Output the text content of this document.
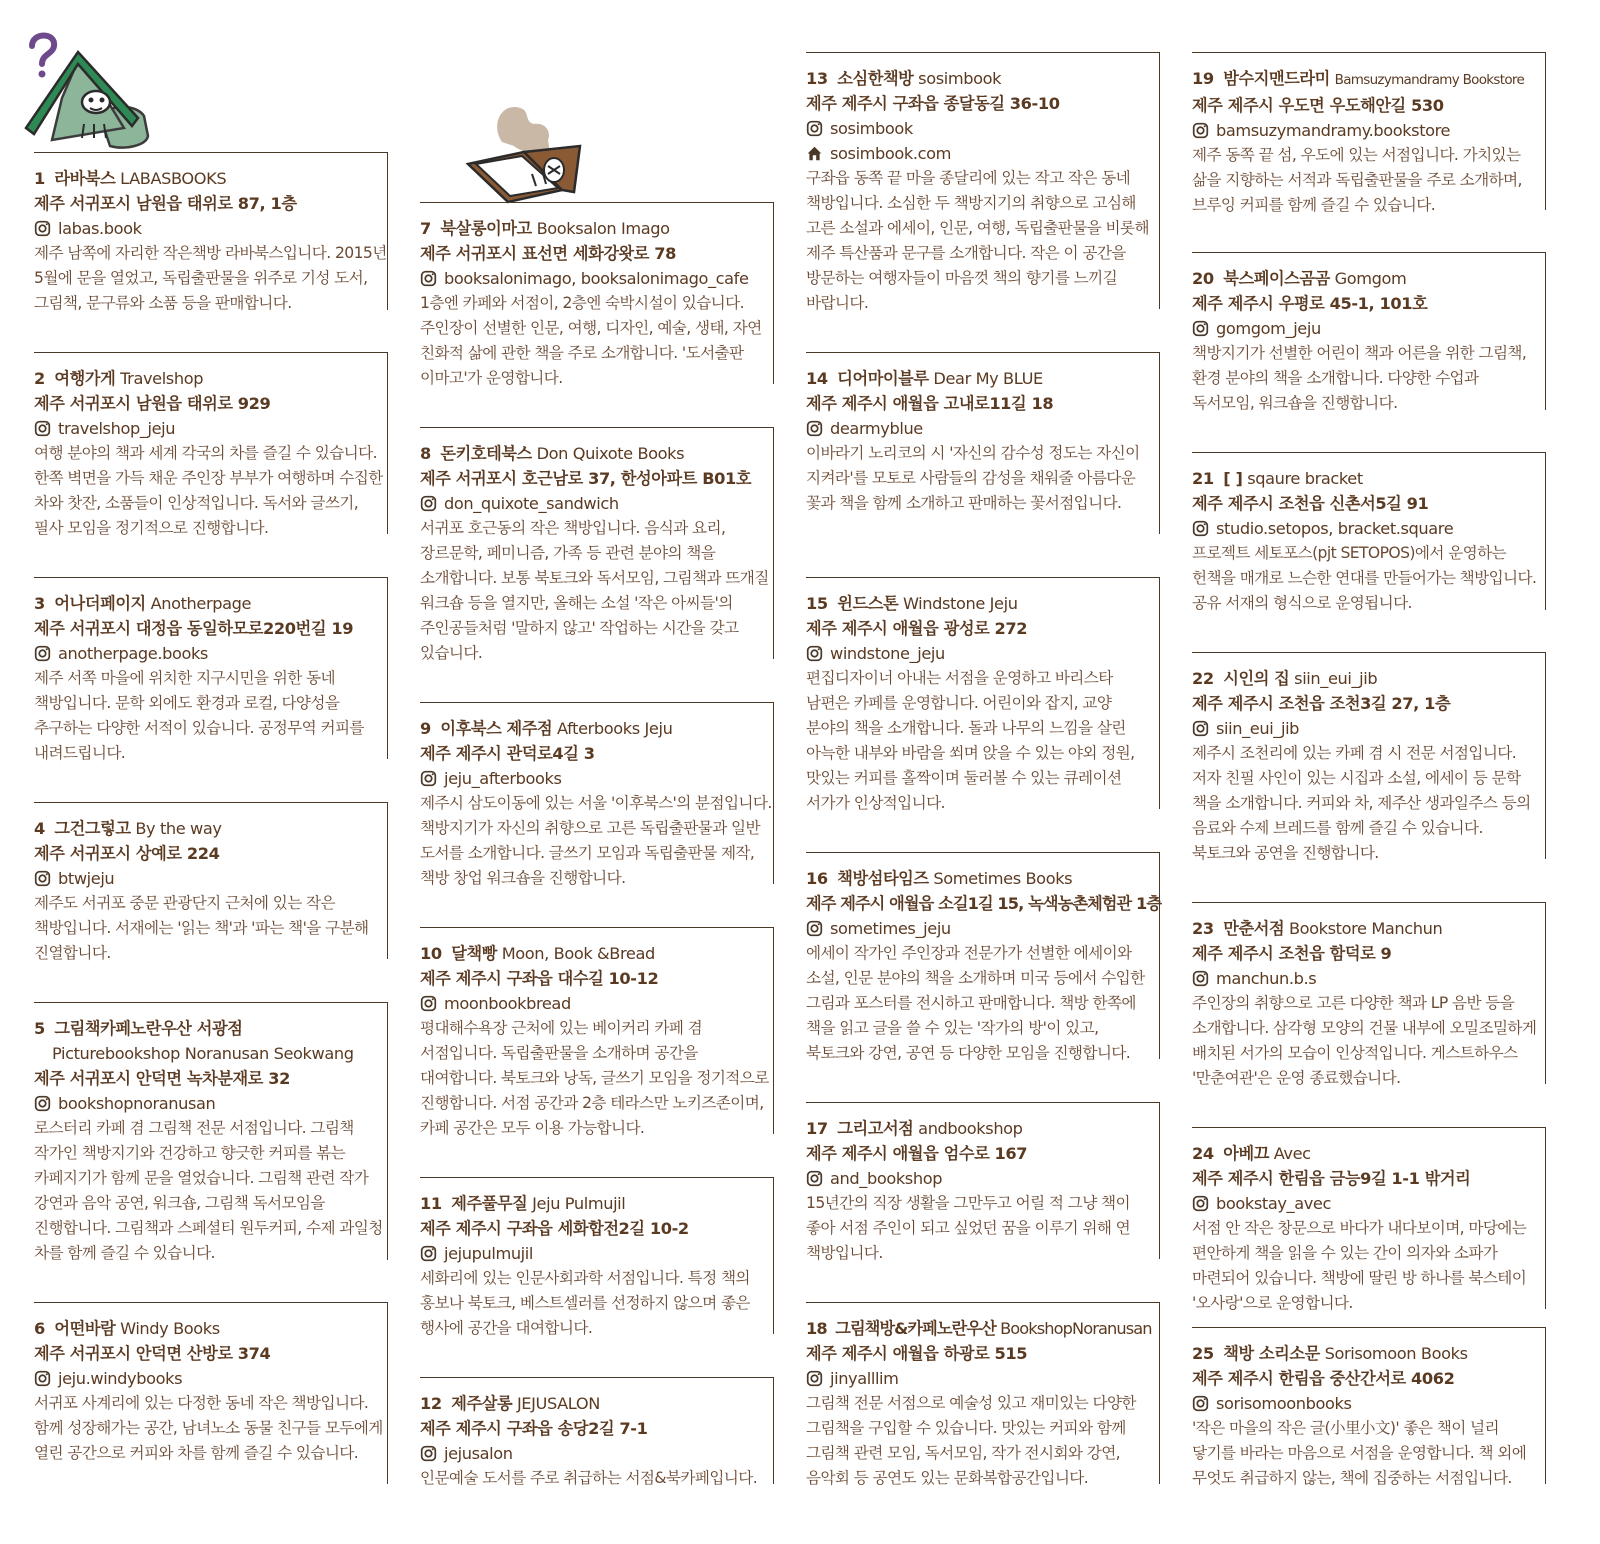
1 라바북스 LABASBOOKS
제주 서귀포시 남원읍 태위로 87, 1층
labas.book

제주 남쪽에 자리한 작은책방 라바북스입니다. 2015년 5월에 문을 열었고, 독립출판물을 위주로 기성 도서, 그림책, 문구류와 소품 등을 판매합니다.

2 여행가게 Travelshop
제주 서귀포시 남원읍 태위로 929
travelshop_jeju

여행 분야의 책과 세계 각국의 차를 즐길 수 있습니다. 한쪽 벽면을 가득 채운 주인장 부부가 여행하며 수집한 차와 찻잔, 소품들이 인상적입니다. 독서와 글쓰기, 필사 모임을 정기적으로 진행합니다.

3 어나더페이지 Anotherpage
제주 서귀포시 대정읍 동일하모로220번길 19
anotherpage.books

제주 서쪽 마을에 위치한 지구시민을 위한 동네 책방입니다. 문학 외에도 환경과 로컬, 다양성을 추구하는 다양한 서적이 있습니다. 공정무역 커피를 내려드립니다.

4 그건그렇고 By the way
제주 서귀포시 상예로 224
btwjeju

제주도 서귀포 중문 관광단지 근처에 있는 작은 책방입니다. 서재에는 '읽는 책'과 '파는 책'을 구분해 진열합니다.

5 그림책카페노란우산 서광점
Picturebookshop Noranusan Seokwang
제주 서귀포시 안덕면 녹차분재로 32
bookshopnoranusan

로스터리 카페 겸 그림책 전문 서점입니다. 그림책 작가인 책방지기와 건강하고 향긋한 커피를 볶는 카페지기가 함께 문을 열었습니다. 그림책 관련 작가 강연과 음악 공연, 워크숍, 그림책 독서모임을 진행합니다. 그림책과 스페셜티 원두커피, 수제 과일청 차를 함께 즐길 수 있습니다.

6 어떤바람 Windy Books
제주 서귀포시 안덕면 산방로 374
jeju.windybooks

서귀포 사계리에 있는 다정한 동네 작은 책방입니다. 함께 성장해가는 공간, 남녀노소 동물 친구들 모두에게 열린 공간으로 커피와 차를 함께 즐길 수 있습니다.

7 북살롱이마고 Booksalon Imago
제주 서귀포시 표선면 세화강왓로 78
booksalonimago, booksalonimago_cafe

1층엔 카페와 서점이, 2층엔 숙박시설이 있습니다. 주인장이 선별한 인문, 여행, 디자인, 예술, 생태, 자연 친화적 삶에 관한 책을 주로 소개합니다. '도서출판 이마고'가 운영합니다.

8 돈키호테북스 Don Quixote Books
제주 서귀포시 호근남로 37, 한성아파트 B01호
don_quixote_sandwich

서귀포 호근동의 작은 책방입니다. 음식과 요리, 장르문학, 페미니즘, 가족 등 관련 분야의 책을 소개합니다. 보통 북토크와 독서모임, 그림책과 뜨개질 워크숍 등을 열지만, 올해는 소설 '작은 아씨들'의 주인공들처럼 '말하지 않고' 작업하는 시간을 갖고 있습니다.

9 이후북스 제주점 Afterbooks Jeju
제주 제주시 관덕로4길 3
jeju_afterbooks

제주시 삼도이동에 있는 서울 '이후북스'의 분점입니다. 책방지기가 자신의 취향으로 고른 독립출판물과 일반 도서를 소개합니다. 글쓰기 모임과 독립출판물 제작, 책방 창업 워크숍을 진행합니다.

10 달책빵 Moon, Book &Bread
제주 제주시 구좌읍 대수길 10-12
moonbookbread

평대해수욕장 근처에 있는 베이커리 카페 겸 서점입니다. 독립출판물을 소개하며 공간을 대여합니다. 북토크와 낭독, 글쓰기 모임을 정기적으로 진행합니다. 서점 공간과 2층 테라스만 노키즈존이며, 카페 공간은 모두 이용 가능합니다.

11 제주풀무질 Jeju Pulmujil
제주 제주시 구좌읍 세화합전2길 10-2
jejupulmujil

세화리에 있는 인문사회과학 서점입니다. 특정 책의 홍보나 북토크, 베스트셀러를 선정하지 않으며 좋은 행사에 공간을 대여합니다.

12 제주살롱 JEJUSALON
제주 제주시 구좌읍 송당2길 7-1
jejusalon

인문예술 도서를 주로 취급하는 서점&북카페입니다.

13 소심한책방 sosimbook
제주 제주시 구좌읍 종달동길 36-10
sosimbook
sosimbook.com

구좌읍 동쪽 끝 마을 종달리에 있는 작고 작은 동네 책방입니다. 소심한 두 책방지기의 취향으로 고심해 고른 소설과 에세이, 인문, 여행, 독립출판물을 비롯해 제주 특산품과 문구를 소개합니다. 작은 이 공간을 방문하는 여행자들이 마음껏 책의 향기를 느끼길 바랍니다.

14 디어마이블루 Dear My BLUE
제주 제주시 애월읍 고내로11길 18
dearmyblue

이바라기 노리코의 시 '자신의 감수성 정도는 자신이 지켜라'를 모토로 사람들의 감성을 채워줄 아름다운 꽃과 책을 함께 소개하고 판매하는 꽃서점입니다.

15 윈드스톤 Windstone Jeju
제주 제주시 애월읍 광성로 272
windstone_jeju

편집디자이너 아내는 서점을 운영하고 바리스타 남편은 카페를 운영합니다. 어린이와 잡지, 교양 분야의 책을 소개합니다. 돌과 나무의 느낌을 살린 아늑한 내부와 바람을 쐬며 앉을 수 있는 야외 정원, 맛있는 커피를 홀짝이며 둘러볼 수 있는 큐레이션 서가가 인상적입니다.

16 책방섬타임즈 Sometimes Books
제주 제주시 애월읍 소길1길 15, 녹색농촌체험관 1층
sometimes_jeju

에세이 작가인 주인장과 전문가가 선별한 에세이와 소설, 인문 분야의 책을 소개하며 미국 등에서 수입한 그림과 포스터를 전시하고 판매합니다. 책방 한쪽에 책을 읽고 글을 쓸 수 있는 '작가의 방'이 있고, 북토크와 강연, 공연 등 다양한 모임을 진행합니다.

17 그리고서점 andbookshop
제주 제주시 애월읍 엄수로 167
and_bookshop

15년간의 직장 생활을 그만두고 어릴 적 그냥 책이 좋아 서점 주인이 되고 싶었던 꿈을 이루기 위해 연 책방입니다.

18 그림책방&카페노란우산 BookshopNoranusan
제주 제주시 애월읍 하광로 515
jinyalllim

그림책 전문 서점으로 예술성 있고 재미있는 다양한 그림책을 구입할 수 있습니다. 맛있는 커피와 함께 그림책 관련 모임, 독서모임, 작가 전시회와 강연, 음악회 등 공연도 있는 문화복합공간입니다.

19 밤수지맨드라미 Bamsuzymandramy Bookstore
제주 제주시 우도면 우도해안길 530
bamsuzymandramy.bookstore

제주 동쪽 끝 섬, 우도에 있는 서점입니다. 가치있는 삶을 지향하는 서적과 독립출판물을 주로 소개하며, 브루잉 커피를 함께 즐길 수 있습니다.

20 북스페이스곰곰 Gomgom
제주 제주시 우평로 45-1, 101호
gomgom_jeju

책방지기가 선별한 어린이 책과 어른을 위한 그림책, 환경 분야의 책을 소개합니다. 다양한 수업과 독서모임, 워크숍을 진행합니다.

21 [ ] sqaure bracket
제주 제주시 조천읍 신촌서5길 91
studio.setopos, bracket.square

프로젝트 세토포스(pjt SETOPOS)에서 운영하는 헌책을 매개로 느슨한 연대를 만들어가는 책방입니다. 공유 서재의 형식으로 운영됩니다.

22 시인의 집 siin_eui_jib
제주 제주시 조천읍 조천3길 27, 1층
siin_eui_jib

제주시 조천리에 있는 카페 겸 시 전문 서점입니다. 저자 친필 사인이 있는 시집과 소설, 에세이 등 문학 책을 소개합니다. 커피와 차, 제주산 생과일주스 등의 음료와 수제 브레드를 함께 즐길 수 있습니다. 북토크와 공연을 진행합니다.

23 만춘서점 Bookstore Manchun
제주 제주시 조천읍 함덕로 9
manchun.b.s

주인장의 취향으로 고른 다양한 책과 LP 음반 등을 소개합니다. 삼각형 모양의 건물 내부에 오밀조밀하게 배치된 서가의 모습이 인상적입니다. 게스트하우스 '만춘여관'은 운영 종료했습니다.

24 아베끄 Avec
제주 제주시 한림읍 금능9길 1-1 밖거리
bookstay_avec

서점 안 작은 창문으로 바다가 내다보이며, 마당에는 편안하게 책을 읽을 수 있는 간이 의자와 소파가 마련되어 있습니다. 책방에 딸린 방 하나를 북스테이 '오사랑'으로 운영합니다.

25 책방 소리소문 Sorisomoon Books
제주 제주시 한림읍 중산간서로 4062
sorisomoonbooks

'작은 마을의 작은 글(小里小文)' 좋은 책이 널리 닿기를 바라는 마음으로 서점을 운영합니다. 책 외에 무엇도 취급하지 않는, 책에 집중하는 서점입니다.
